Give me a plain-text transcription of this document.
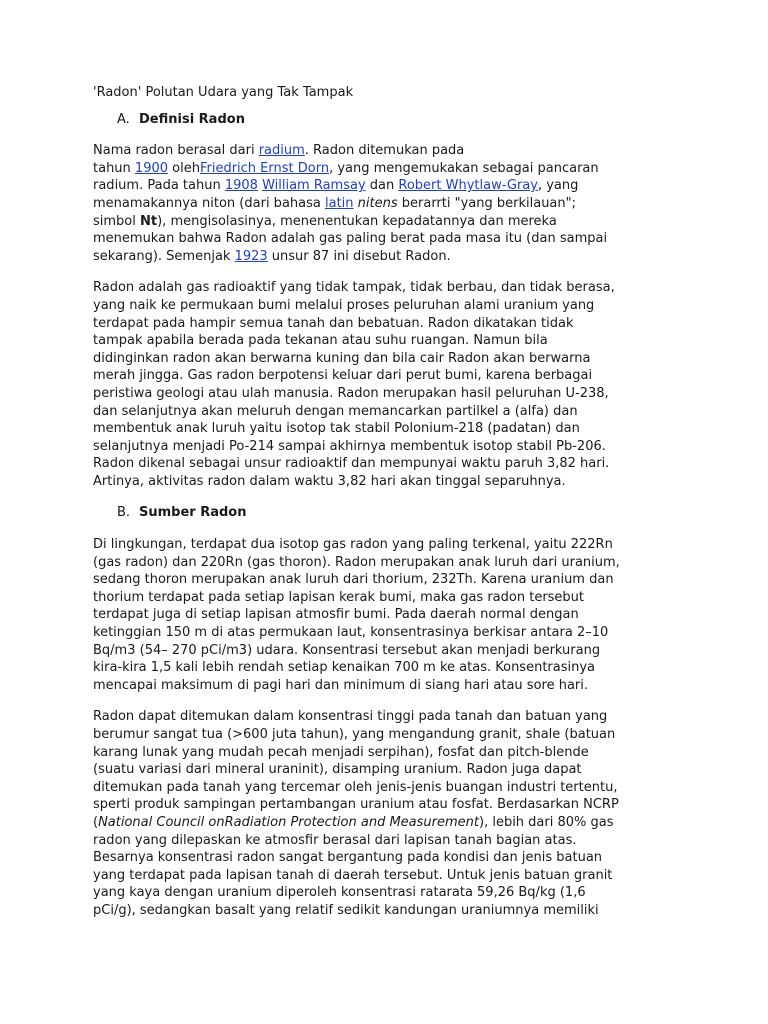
'Radon' Polutan Udara yang Tak Tampak
A. Definisi Radon

Nama radon berasal dari radium. Radon ditemukan pada
tahun 1900 olehFriedrich Ernst Dorn, yang mengemukakan sebagai pancaran
radium. Pada tahun 1908 William Ramsay dan Robert Whytlaw-Gray, yang
menamakannya niton (dari bahasa latin nitens berarrti "yang berkilauan";
simbol Nt), mengisolasinya, menenentukan kepadatannya dan mereka
menemukan bahwa Radon adalah gas paling berat pada masa itu (dan sampai
sekarang). Semenjak 1923 unsur 87 ini disebut Radon.

Radon adalah gas radioaktif yang tidak tampak, tidak berbau, dan tidak berasa,
yang naik ke permukaan bumi melalui proses peluruhan alami uranium yang
terdapat pada hampir semua tanah dan bebatuan. Radon dikatakan tidak
tampak apabila berada pada tekanan atau suhu ruangan. Namun bila
didinginkan radon akan berwarna kuning dan bila cair Radon akan berwarna
merah jingga. Gas radon berpotensi keluar dari perut bumi, karena berbagai
peristiwa geologi atau ulah manusia. Radon merupakan hasil peluruhan U-238,
dan selanjutnya akan meluruh dengan memancarkan partilkel a (alfa) dan
membentuk anak luruh yaitu isotop tak stabil Polonium-218 (padatan) dan
selanjutnya menjadi Po-214 sampai akhirnya membentuk isotop stabil Pb-206.
Radon dikenal sebagai unsur radioaktif dan mempunyai waktu paruh 3,82 hari.
Artinya, aktivitas radon dalam waktu 3,82 hari akan tinggal separuhnya.

B. Sumber Radon

Di lingkungan, terdapat dua isotop gas radon yang paling terkenal, yaitu 222Rn
(gas radon) dan 220Rn (gas thoron). Radon merupakan anak luruh dari uranium,
sedang thoron merupakan anak luruh dari thorium, 232Th. Karena uranium dan
thorium terdapat pada setiap lapisan kerak bumi, maka gas radon tersebut
terdapat juga di setiap lapisan atmosfir bumi. Pada daerah normal dengan
ketinggian 150 m di atas permukaan laut, konsentrasinya berkisar antara 2–10
Bq/m3 (54– 270 pCi/m3) udara. Konsentrasi tersebut akan menjadi berkurang
kira-kira 1,5 kali lebih rendah setiap kenaikan 700 m ke atas. Konsentrasinya
mencapai maksimum di pagi hari dan minimum di siang hari atau sore hari.

Radon dapat ditemukan dalam konsentrasi tinggi pada tanah dan batuan yang
berumur sangat tua (>600 juta tahun), yang mengandung granit, shale (batuan
karang lunak yang mudah pecah menjadi serpihan), fosfat dan pitch-blende
(suatu variasi dari mineral uraninit), disamping uranium. Radon juga dapat
ditemukan pada tanah yang tercemar oleh jenis-jenis buangan industri tertentu,
sperti produk sampingan pertambangan uranium atau fosfat. Berdasarkan NCRP
(National Council onRadiation Protection and Measurement), lebih dari 80% gas
radon yang dilepaskan ke atmosfir berasal dari lapisan tanah bagian atas.
Besarnya konsentrasi radon sangat bergantung pada kondisi dan jenis batuan
yang terdapat pada lapisan tanah di daerah tersebut. Untuk jenis batuan granit
yang kaya dengan uranium diperoleh konsentrasi ratarata 59,26 Bq/kg (1,6
pCi/g), sedangkan basalt yang relatif sedikit kandungan uraniumnya memiliki
